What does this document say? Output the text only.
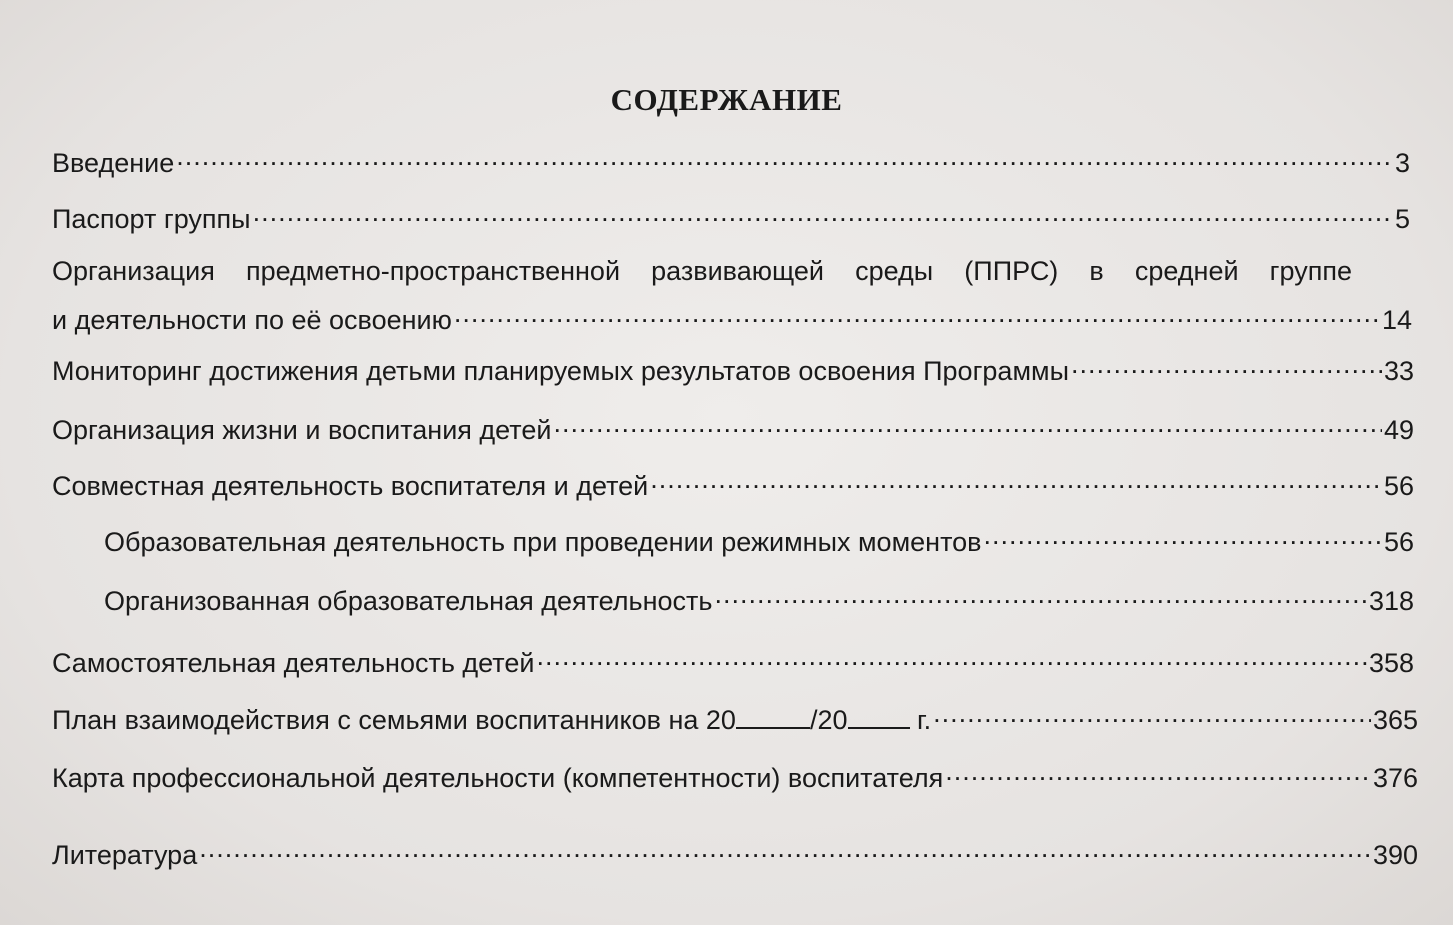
СОДЕРЖАНИЕ
Введение .....	3
Паспорт группы .....	5
Организация предметно-пространственной развивающей среды (ППРС) в средней группе
и деятельности по её освоению .....	14
Мониторинг достижения детьми планируемых результатов освоения Программы .....	33
Организация жизни и воспитания детей .....	49
Совместная деятельность воспитателя и детей .....	56
Образовательная деятельность при проведении режимных моментов .....	56
Организованная образовательная деятельность .....	318
Самостоятельная деятельность детей .....	358
План взаимодействия с семьями воспитанников на 20	/20	г. .....	365
Карта профессиональной деятельности (компетентности) воспитателя .....	376
Литература .....	390
